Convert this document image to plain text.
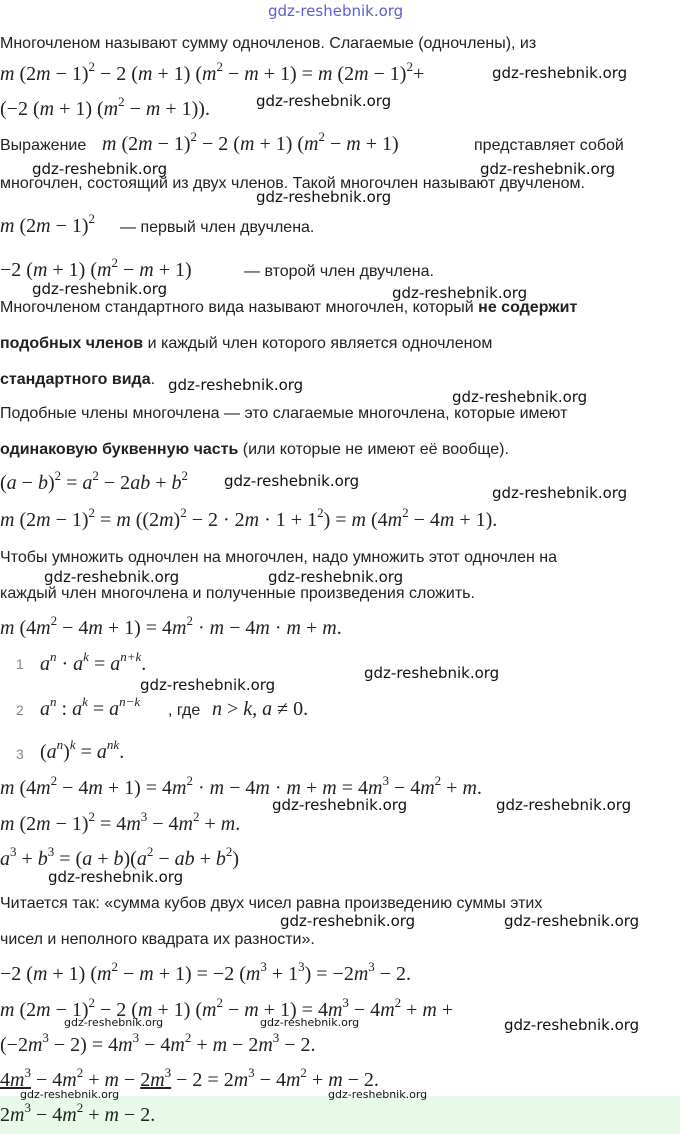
gdz-reshebnik.org
Многочленом называют сумму одночленов. Слагаемые (одночлены), из
m $(2m - 1)^2 - 2$ (m + 1) $(m^2 - m + 1) = m$ $(2m - 1)^2+$	gdz-reshebnik.org
(−2 (m + 1) $(m^2 - m + 1)$).	gdz-reshebnik.org
Выражение m $(2m - 1)^2 - 2$ (m + 1) $(m^2 - m + 1)$	представляет собой
gdz-reshebnik.org	gdz-reshebnik.org
многочлен, состоящий из двух членов. Такой многочлен называют двучленом.
gdz-reshebnik.org
m $(2m - 1)^2$
— первый член двучлена.
−2 (m + 1) $(m^2 - m + 1)$	— второй член двучлена.
gdz-reshebnik.org	gdz-reshebnik.org
Многочленом стандартного вида называют многочлен, который не содержит
подобных членов и каждый член которого является одночленом
стандартного вида. gdz-reshebnik.org
gdz-reshebnik.org
Подобные члены многочлена — это слагаемые многочлена, которые имеют
одинаковую буквенную часть (или которые не имеют её вообще).
$(a - b)^2 = a^2 - 2ab + b^2$ gdz-reshebnik.org
gdz-reshebnik.org
m $(2m - 1)^2 = m$ $((2m)^2 - 2 \cdot 2m \cdot 1 + 1^2) = m$ $(4m^2 - 4m + 1)$.
Чтобы умножить одночлен на многочлен, надо умножить этот одночлен на
gdz-reshebnik.org	gdz-reshebnik.org
каждый член многочлена и полученные произведения сложить.
m $(4m^2 - 4m + 1) = 4m^2 \cdot m - 4m \cdot m + m$.
1 $a^n \cdot a^k = a^{n+k}$.	gdz-reshebnik.org
gdz-reshebnik.org
2 $a^n$ : $a^k = a^{n-k}$
, где n > k, a ≠ 0.
3 $(a^n)^k = a^{nk}$.
m $(4m^2 - 4m + 1) = 4m^2 \cdot m - 4m \cdot m + m = 4m^3 - 4m^2 + m$.
gdz-reshebnik.org	gdz-reshebnik.org
m $(2m - 1)^2 = 4m^3 - 4m^2 + m$.
$a^3 + b^3 = (a + b)(a^2$ − ab + $b^2$)
gdz-reshebnik.org
Читается так: «сумма кубов двух чисел равна произведению суммы этих
gdz-reshebnik.org	gdz-reshebnik.org
чисел и неполного квадрата их разности».
−2 (m + 1) $(m^2 - m + 1) = -2$ $(m^3 + 1^3) = -2m^3 - 2$.
m $(2m - 1)^2 - 2$ (m + 1) $(m^2 - m + 1) = 4m^3 - 4m^2 + m$ +
gdz-reshebnik.org	gdz-reshebnik.org	gdz-reshebnik.org
$(-2m^3 - 2) = 4m^3 - 4m^2 + m - 2m^3 - 2$.
$4m^3 - 4m^2 + m - 2m^3 - 2 = 2m^3 - 4m^2 + m - 2$.
gdz-reshebnik.org	gdz-reshebnik.org
$2m^3 - 4m^2 + m - 2$.
